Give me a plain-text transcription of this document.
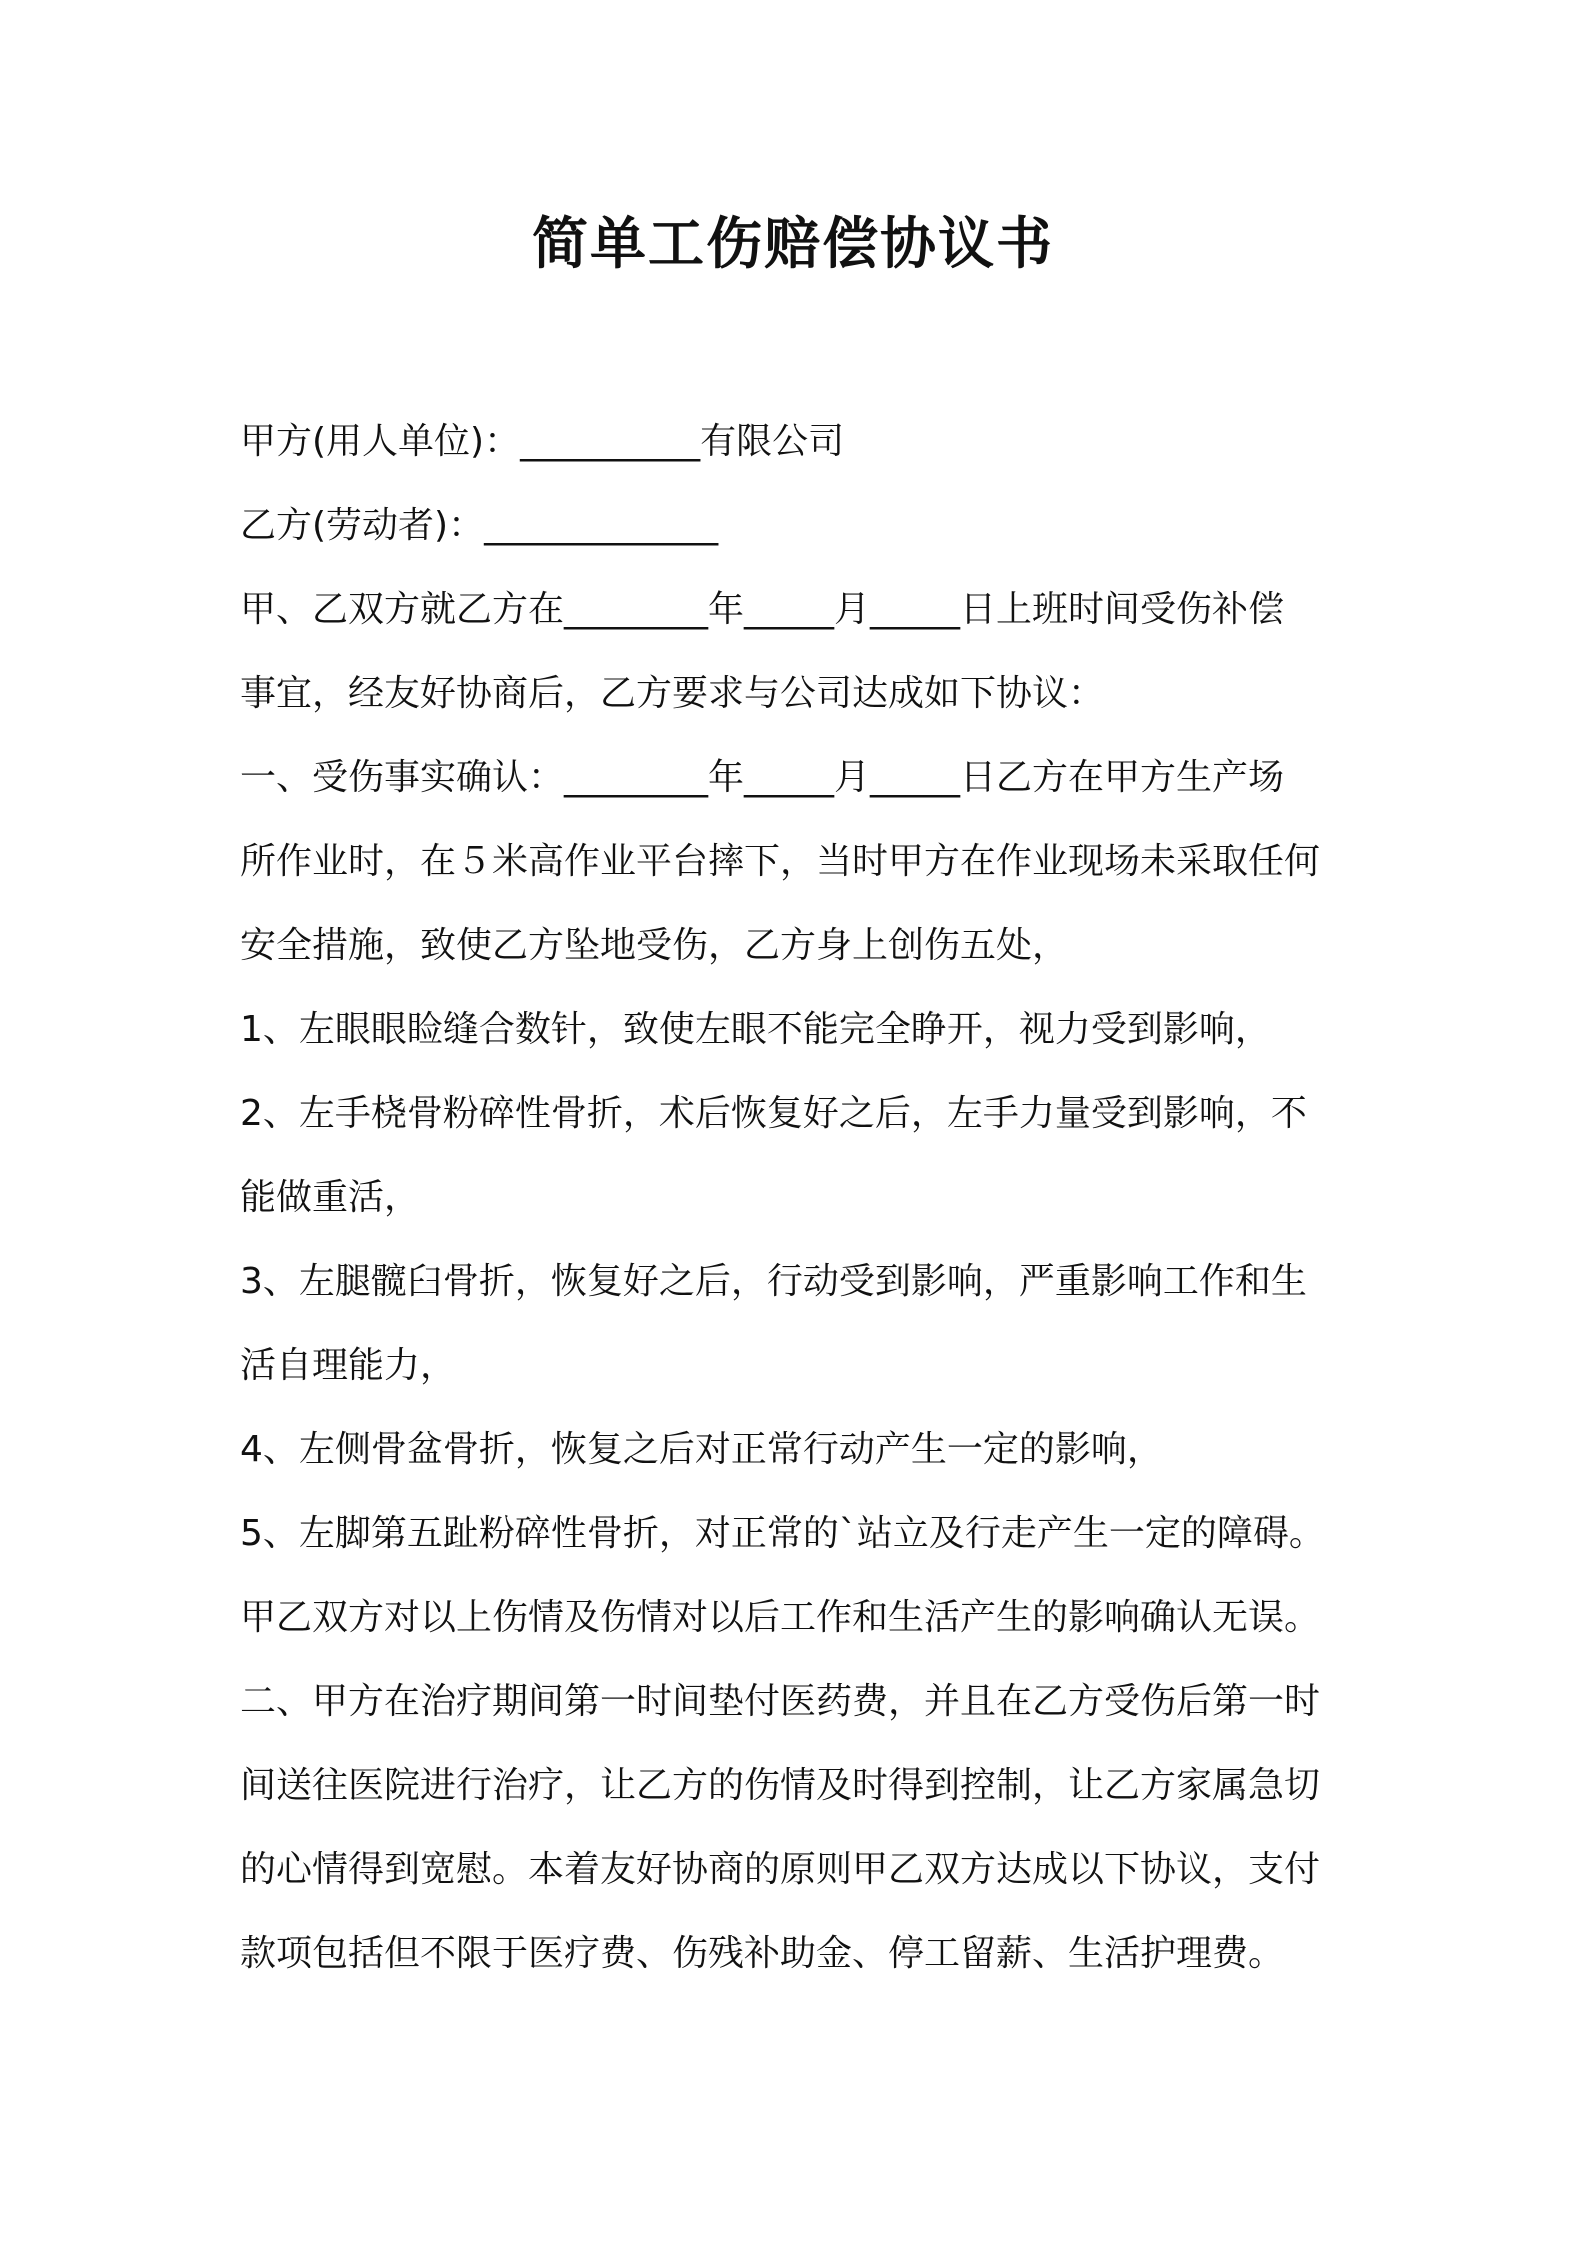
简单工伤赔偿协议书

甲方(用人单位)：__________有限公司

乙方(劳动者)：_____________

甲、乙双方就乙方在________年_____月_____日上班时间受伤补偿

事宜，经友好协商后，乙方要求与公司达成如下协议：

一、受伤事实确认：________年_____月_____日乙方在甲方生产场

所作业时，在５米高作业平台摔下，当时甲方在作业现场未采取任何

安全措施，致使乙方坠地受伤，乙方身上创伤五处，

1、左眼眼睑缝合数针，致使左眼不能完全睁开，视力受到影响，

2、左手桡骨粉碎性骨折，术后恢复好之后，左手力量受到影响，不

能做重活，

3、左腿髋臼骨折，恢复好之后，行动受到影响，严重影响工作和生

活自理能力，

4、左侧骨盆骨折，恢复之后对正常行动产生一定的影响，

5、左脚第五趾粉碎性骨折，对正常的`站立及行走产生一定的障碍。

甲乙双方对以上伤情及伤情对以后工作和生活产生的影响确认无误。

二、甲方在治疗期间第一时间垫付医药费，并且在乙方受伤后第一时

间送往医院进行治疗，让乙方的伤情及时得到控制，让乙方家属急切

的心情得到宽慰。本着友好协商的原则甲乙双方达成以下协议，支付

款项包括但不限于医疗费、伤残补助金、停工留薪、生活护理费。
